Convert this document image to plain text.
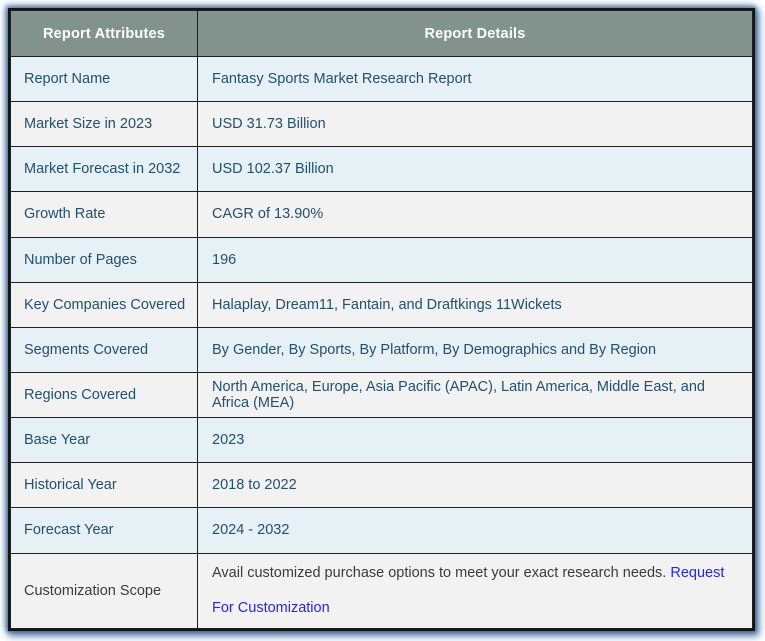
Report Attributes	Report Details
Report Name	Fantasy Sports Market Research Report
Market Size in 2023	USD 31.73 Billion
Market Forecast in 2032	USD 102.37 Billion
Growth Rate	CAGR of 13.90%
Number of Pages	196
Key Companies Covered	Halaplay, Dream11, Fantain, and Draftkings 11Wickets
Segments Covered	By Gender, By Sports, By Platform, By Demographics and By Region
Regions Covered	North America, Europe, Asia Pacific (APAC), Latin America, Middle East, and Africa (MEA)
Base Year	2023
Historical Year	2018 to 2022
Forecast Year	2024 - 2032
Customization Scope	Avail customized purchase options to meet your exact research needs. Request For Customization
